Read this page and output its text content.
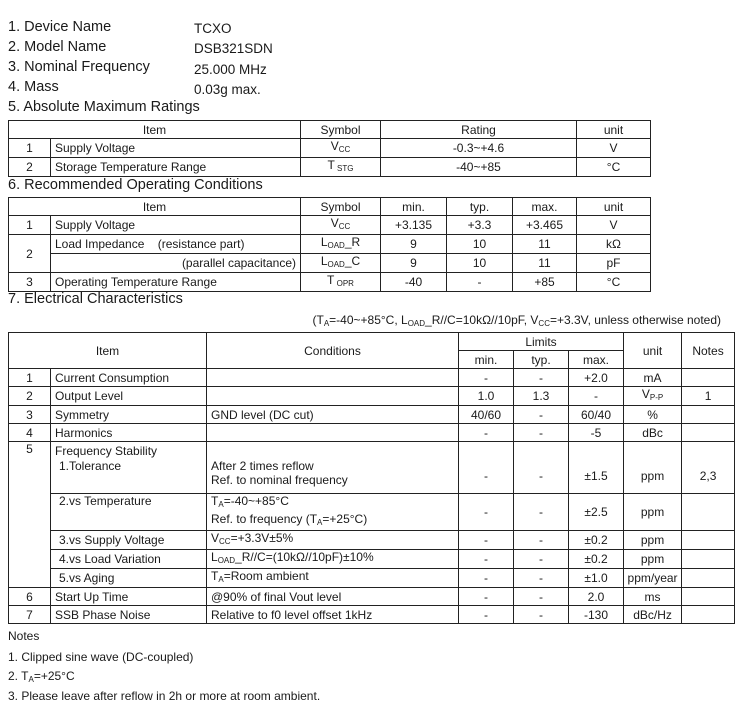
1. Device Name	TCXO
2. Model Name	DSB321SDN
3. Nominal Frequency	25.000 MHz
4. Mass	0.03g max.
5. Absolute Maximum Ratings
Item		Symbol	Rating	unit
1	Supply Voltage	$V_{CC}$	-0.3~+4.6	V
2	Storage Temperature Range	T $_{STG}$	-40~+85	°C
6. Recommended Operating Conditions
Item		Symbol	min.	typ.	max.	unit
1	Supply Voltage	$V_{CC}$	+3.135	+3.3	+3.465	V
2	Load Impedance    (resistance part)	$L_{OAD}\_R$	9	10	11	kΩ
	(parallel capacitance)	$L_{OAD}\_C$	9	10	11	pF
3	Operating Temperature Range	T $_{OPR}$	-40	-	+85	°C
7. Electrical Characteristics
($T_A=-40\sim+85^\circ C$, $L_{OAD}\_R//C=10k\Omega//10pF$, $V_{CC}=+3.3V$, unless otherwise noted)
Item		Conditions	Limits			unit	Notes
			min.	typ.	max.		
1	Current Consumption		-	-	+2.0	mA	
2	Output Level		1.0	1.3	-	$V_{P-P}$	1
3	Symmetry	GND level (DC cut)	40/60	-	60/40	%	
4	Harmonics		-	-	-5	dBc	
5	Frequency Stability						
	1.Tolerance	After 2 times reflow
Ref. to nominal frequency	-	-	±1.5	ppm	2,3
	2.vs Temperature	$T_A=-40\sim+85^\circ C$
Ref. to frequency $(T_A=+25^\circ C)$	-	-	±2.5	ppm	
	3.vs Supply Voltage	$V_{CC}=+3.3V\pm 5\%$	-	-	±0.2	ppm	
	4.vs Load Variation	$L_{OAD}\_R//C=(10k\Omega//10pF)\pm 10\%$	-	-	±0.2	ppm	
	5.vs Aging	$T_A=Room$ ambient	-	-	±1.0	ppm/year	
6	Start Up Time	@90% of final Vout level	-	-	2.0	ms	
7	SSB Phase Noise	Relative to f0 level offset 1kHz	-	-	-130	dBc/Hz	
Notes
1. Clipped sine wave (DC-coupled)
2. $T_A=+25^\circ C$
3. Please leave after reflow in 2h or more at room ambient.
